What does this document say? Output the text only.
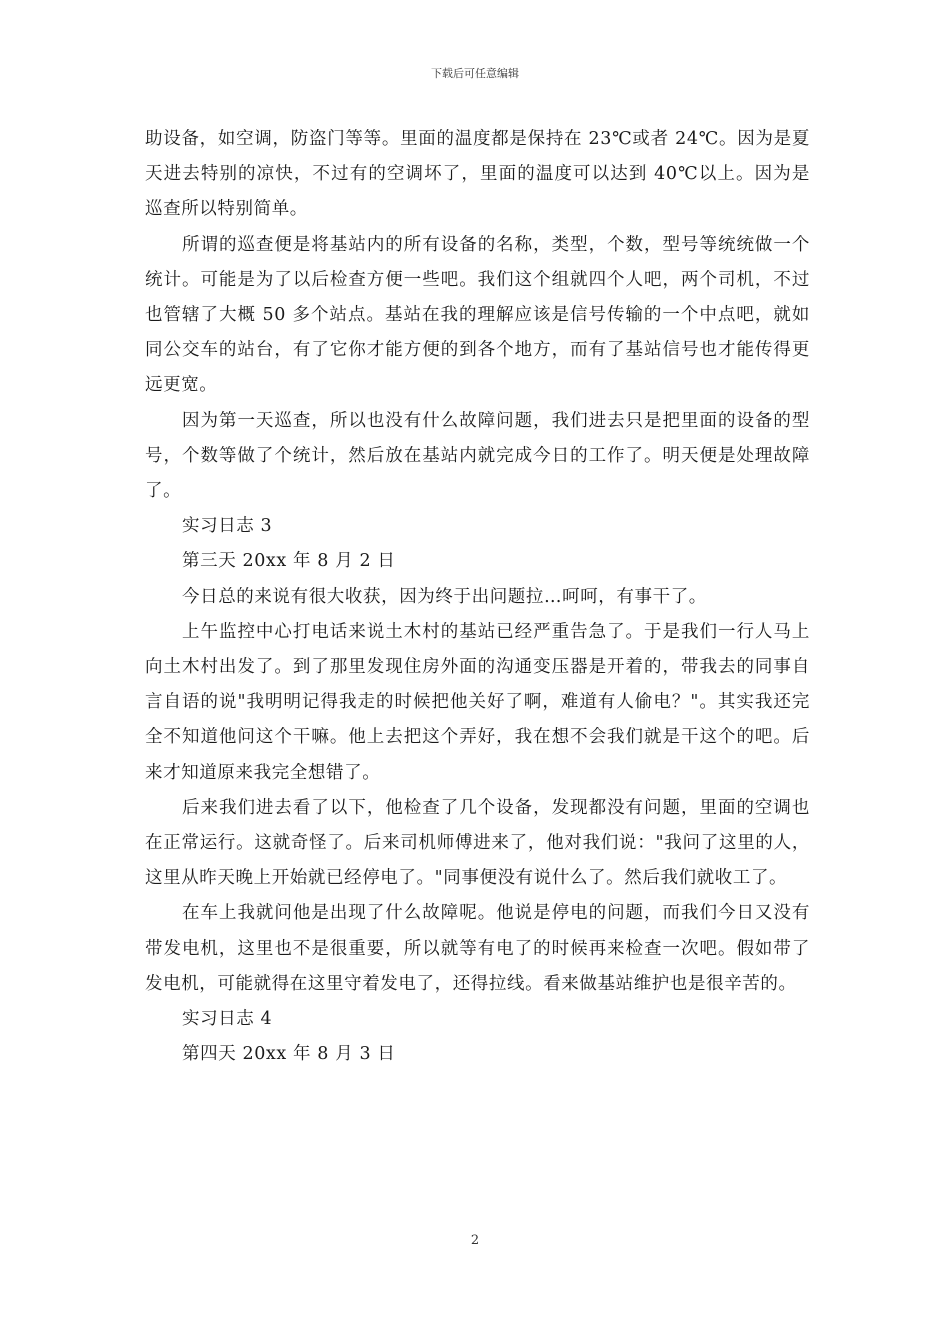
下载后可任意编辑

助设备，如空调，防盗门等等。里面的温度都是保持在 23℃或者 24℃。因为是夏天进去特别的凉快，不过有的空调坏了，里面的温度可以达到 40℃以上。因为是巡查所以特别简单。

所谓的巡查便是将基站内的所有设备的名称，类型，个数，型号等统统做一个统计。可能是为了以后检查方便一些吧。我们这个组就四个人吧，两个司机，不过也管辖了大概 50 多个站点。基站在我的理解应该是信号传输的一个中点吧，就如同公交车的站台，有了它你才能方便的到各个地方，而有了基站信号也才能传得更远更宽。

因为第一天巡查，所以也没有什么故障问题，我们进去只是把里面的设备的型号，个数等做了个统计，然后放在基站内就完成今日的工作了。明天便是处理故障了。

实习日志 3

第三天 20xx 年 8 月 2 日

今日总的来说有很大收获，因为终于出问题拉…呵呵，有事干了。

上午监控中心打电话来说土木村的基站已经严重告急了。于是我们一行人马上向土木村出发了。到了那里发现住房外面的沟通变压器是开着的，带我去的同事自言自语的说"我明明记得我走的时候把他关好了啊，难道有人偷电？"。其实我还完全不知道他问这个干嘛。他上去把这个弄好，我在想不会我们就是干这个的吧。后来才知道原来我完全想错了。

后来我们进去看了以下，他检查了几个设备，发现都没有问题，里面的空调也在正常运行。这就奇怪了。后来司机师傅进来了，他对我们说："我问了这里的人，这里从昨天晚上开始就已经停电了。"同事便没有说什么了。然后我们就收工了。

在车上我就问他是出现了什么故障呢。他说是停电的问题，而我们今日又没有带发电机，这里也不是很重要，所以就等有电了的时候再来检查一次吧。假如带了发电机，可能就得在这里守着发电了，还得拉线。看来做基站维护也是很辛苦的。

实习日志 4

第四天 20xx 年 8 月 3 日

2
